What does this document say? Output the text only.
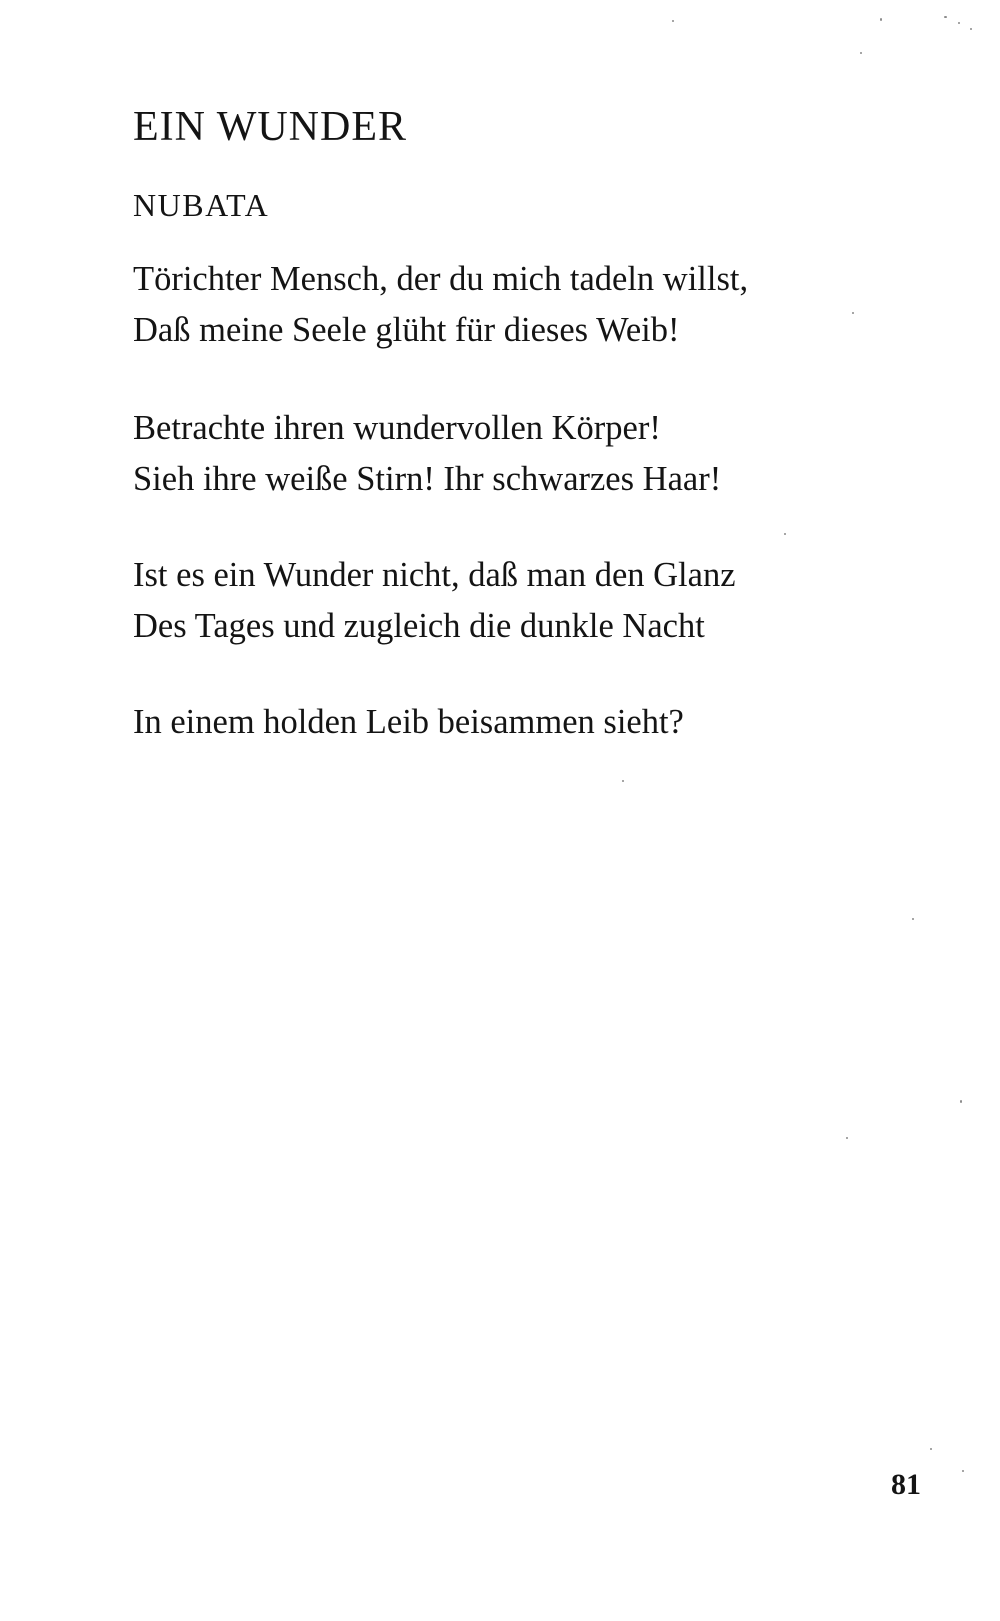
EIN WUNDER
NUBATA
Törichter Mensch, der du mich tadeln willst,
Daß meine Seele glüht für dieses Weib!
Betrachte ihren wundervollen Körper!
Sieh ihre weiße Stirn! Ihr schwarzes Haar!
Ist es ein Wunder nicht, daß man den Glanz
Des Tages und zugleich die dunkle Nacht
In einem holden Leib beisammen sieht?
81
